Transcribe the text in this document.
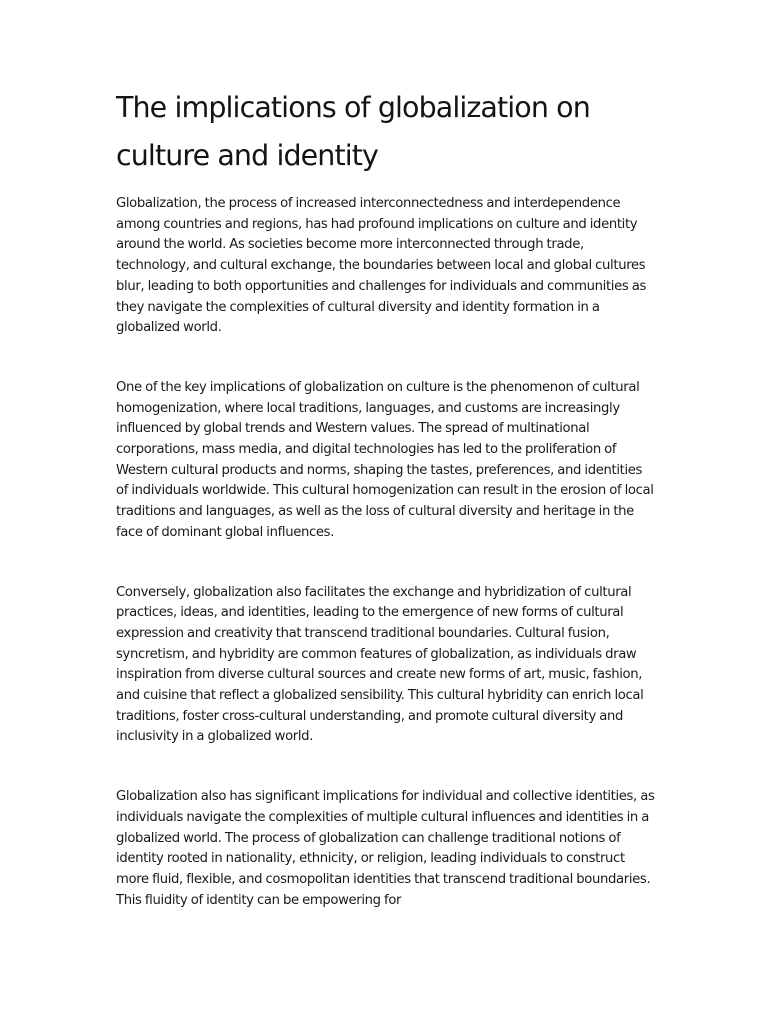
The implications of globalization on culture and identity

Globalization, the process of increased interconnectedness and interdependence among countries and regions, has had profound implications on culture and identity around the world. As societies become more interconnected through trade, technology, and cultural exchange, the boundaries between local and global cultures blur, leading to both opportunities and challenges for individuals and communities as they navigate the complexities of cultural diversity and identity formation in a globalized world.

One of the key implications of globalization on culture is the phenomenon of cultural homogenization, where local traditions, languages, and customs are increasingly influenced by global trends and Western values. The spread of multinational corporations, mass media, and digital technologies has led to the proliferation of Western cultural products and norms, shaping the tastes, preferences, and identities of individuals worldwide. This cultural homogenization can result in the erosion of local traditions and languages, as well as the loss of cultural diversity and heritage in the face of dominant global influences.

Conversely, globalization also facilitates the exchange and hybridization of cultural practices, ideas, and identities, leading to the emergence of new forms of cultural expression and creativity that transcend traditional boundaries. Cultural fusion, syncretism, and hybridity are common features of globalization, as individuals draw inspiration from diverse cultural sources and create new forms of art, music, fashion, and cuisine that reflect a globalized sensibility. This cultural hybridity can enrich local traditions, foster cross-cultural understanding, and promote cultural diversity and inclusivity in a globalized world.

Globalization also has significant implications for individual and collective identities, as individuals navigate the complexities of multiple cultural influences and identities in a globalized world. The process of globalization can challenge traditional notions of identity rooted in nationality, ethnicity, or religion, leading individuals to construct more fluid, flexible, and cosmopolitan identities that transcend traditional boundaries. This fluidity of identity can be empowering for
